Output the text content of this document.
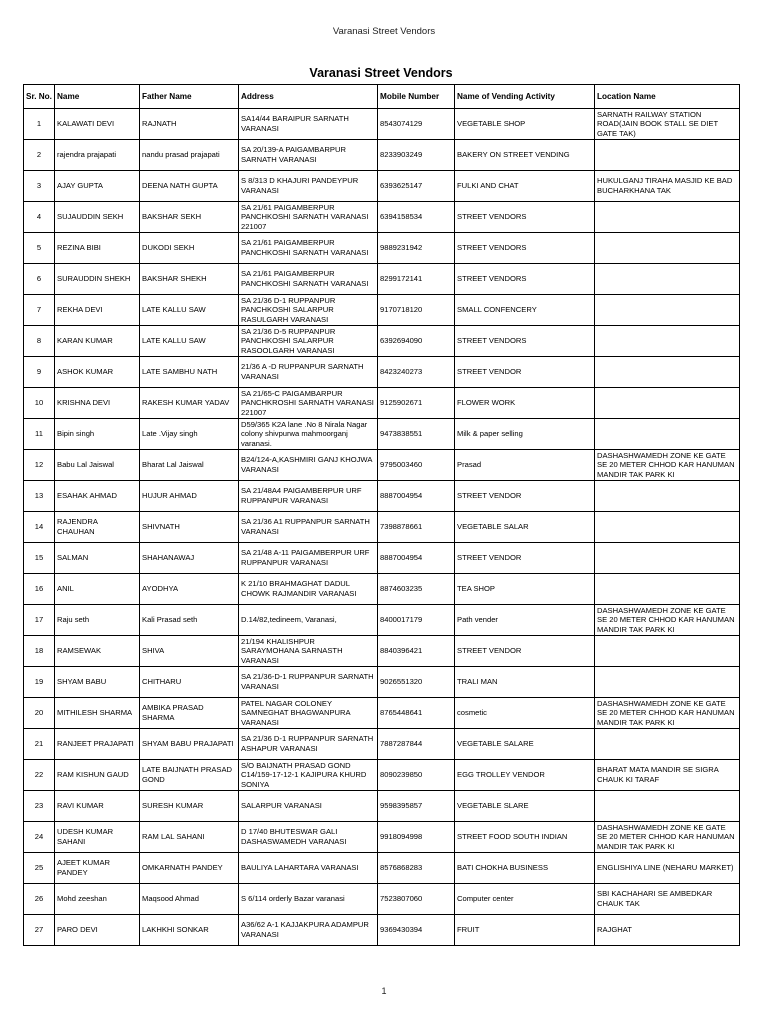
Varanasi Street Vendors
Varanasi Street Vendors
Sr. No.	Name	Father Name	Address	Mobile Number	Name of Vending Activity	Location Name

1	KALAWATI DEVI	RAJNATH	SA14/44 BARAIPUR SARNATH VARANASI	8543074129	VEGETABLE SHOP	SARNATH RAILWAY STATION ROAD(JAIN BOOK STALL SE DIET GATE TAK)

2	rajendra prajapati	nandu prasad prajapati	SA 20/139-A PAIGAMBARPUR SARNATH VARANASI	8233903249	BAKERY ON STREET VENDING	

3	AJAY GUPTA	DEENA NATH GUPTA	S 8/313 D KHAJURI PANDEYPUR VARANASI	6393625147	FULKI AND CHAT	HUKULGANJ TIRAHA MASJID KE BAD BUCHARKHANA TAK

4	SUJAUDDIN SEKH	BAKSHAR SEKH	SA 21/61 PAIGAMBERPUR PANCHKOSHI SARNATH VARANASI 221007	6394158534	STREET VENDORS	

5	REZINA BIBI	DUKODI SEKH	SA 21/61 PAIGAMBERPUR PANCHKOSHI SARNATH VARANASI	9889231942	STREET VENDORS	

6	SURAUDDIN SHEKH	BAKSHAR SHEKH	SA 21/61 PAIGAMBERPUR PANCHKOSHI SARNATH VARANASI	8299172141	STREET VENDORS	

7	REKHA DEVI	LATE KALLU SAW	SA 21/36 D-1 RUPPANPUR PANCHKOSHI SALARPUR RASULGARH VARANASI	9170718120	SMALL CONFENCERY	

8	KARAN KUMAR	LATE KALLU SAW	SA 21/36 D-5 RUPPANPUR PANCHKOSHI SALARPUR RASOOLGARH VARANASI	6392694090	STREET VENDORS	

9	ASHOK KUMAR	LATE SAMBHU NATH	21/36 A -D RUPPANPUR SARNATH VARANASI	8423240273	STREET VENDOR	

10	KRISHNA DEVI	RAKESH KUMAR YADAV	SA 21/65-C PAIGAMBARPUR PANCHKROSHI SARNATH VARANASI 221007	9125902671	FLOWER WORK	

11	Bipin singh	Late .Vijay singh	D59/365 K2A lane .No 8 Nirala Nagar colony shivpurwa mahmoorganj varanasi.	9473838551	Milk & paper selling	

12	Babu Lal Jaiswal	Bharat Lal Jaiswal	B24/124-A,KASHMIRI GANJ KHOJWA VARANASI	9795003460	Prasad	DASHASHWAMEDH ZONE KE GATE SE 20 METER CHHOD KAR HANUMAN MANDIR TAK PARK KI

13	ESAHAK AHMAD	HUJUR AHMAD	SA 21/48A4 PAIGAMBERPUR URF RUPPANPUR VARANASI	8887004954	STREET VENDOR	

14	RAJENDRA CHAUHAN	SHIVNATH	SA 21/36 A1 RUPPANPUR SARNATH VARANASI	7398878661	VEGETABLE SALAR	

15	SALMAN	SHAHANAWAJ	SA 21/48 A-11 PAIGAMBERPUR URF RUPPANPUR VARANASI	8887004954	STREET VENDOR	

16	ANIL	AYODHYA	K 21/10 BRAHMAGHAT DADUL CHOWK RAJMANDIR VARANASI	8874603235	TEA SHOP	

17	Raju seth	Kali Prasad seth	D.14/82,tedineem, Varanasi,	8400017179	Path vender	DASHASHWAMEDH ZONE KE GATE SE 20 METER CHHOD KAR HANUMAN MANDIR TAK PARK KI

18	RAMSEWAK	SHIVA	21/194 KHALISHPUR SARAYMOHANA SARNASTH VARANASI	8840396421	STREET VENDOR	

19	SHYAM BABU	CHITHARU	SA 21/36-D-1 RUPPANPUR SARNATH VARANASI	9026551320	TRALI MAN	

20	MITHILESH SHARMA	AMBIKA PRASAD SHARMA	PATEL NAGAR COLONEY SAMNEGHAT BHAGWANPURA VARANASI	8765448641	cosmetic	DASHASHWAMEDH ZONE KE GATE SE 20 METER CHHOD KAR HANUMAN MANDIR TAK PARK KI

21	RANJEET PRAJAPATI	SHYAM BABU PRAJAPATI	SA 21/36 D-1 RUPPANPUR SARNATH ASHAPUR VARANASI	7887287844	VEGETABLE SALARE	

22	RAM KISHUN GAUD	LATE BAIJNATH PRASAD GOND	S/O BAIJNATH PRASAD GOND C14/159-17-12-1 KAJIPURA KHURD SONIYA	8090239850	EGG TROLLEY VENDOR	BHARAT MATA MANDIR SE SIGRA CHAUK KI TARAF

23	RAVI KUMAR	SURESH KUMAR	SALARPUR VARANASI	9598395857	VEGETABLE SLARE	

24	UDESH KUMAR SAHANI	RAM LAL SAHANI	D 17/40 BHUTESWAR GALI DASHASWAMEDH VARANASI	9918094998	STREET FOOD SOUTH INDIAN	DASHASHWAMEDH ZONE KE GATE SE 20 METER CHHOD KAR HANUMAN MANDIR TAK PARK KI

25	AJEET KUMAR PANDEY	OMKARNATH PANDEY	BAULIYA LAHARTARA VARANASI	8576868283	BATI CHOKHA BUSINESS	ENGLISHIYA LINE (NEHARU MARKET)

26	Mohd zeeshan	Maqsood Ahmad	S 6/114 orderly Bazar varanasi	7523807060	Computer center	SBI KACHAHARI SE AMBEDKAR CHAUK TAK

27	PARO DEVI	LAKHKHI SONKAR	A36/62 A-1 KAJJAKPURA ADAMPUR VARANASI	9369430394	FRUIT	RAJGHAT
1
